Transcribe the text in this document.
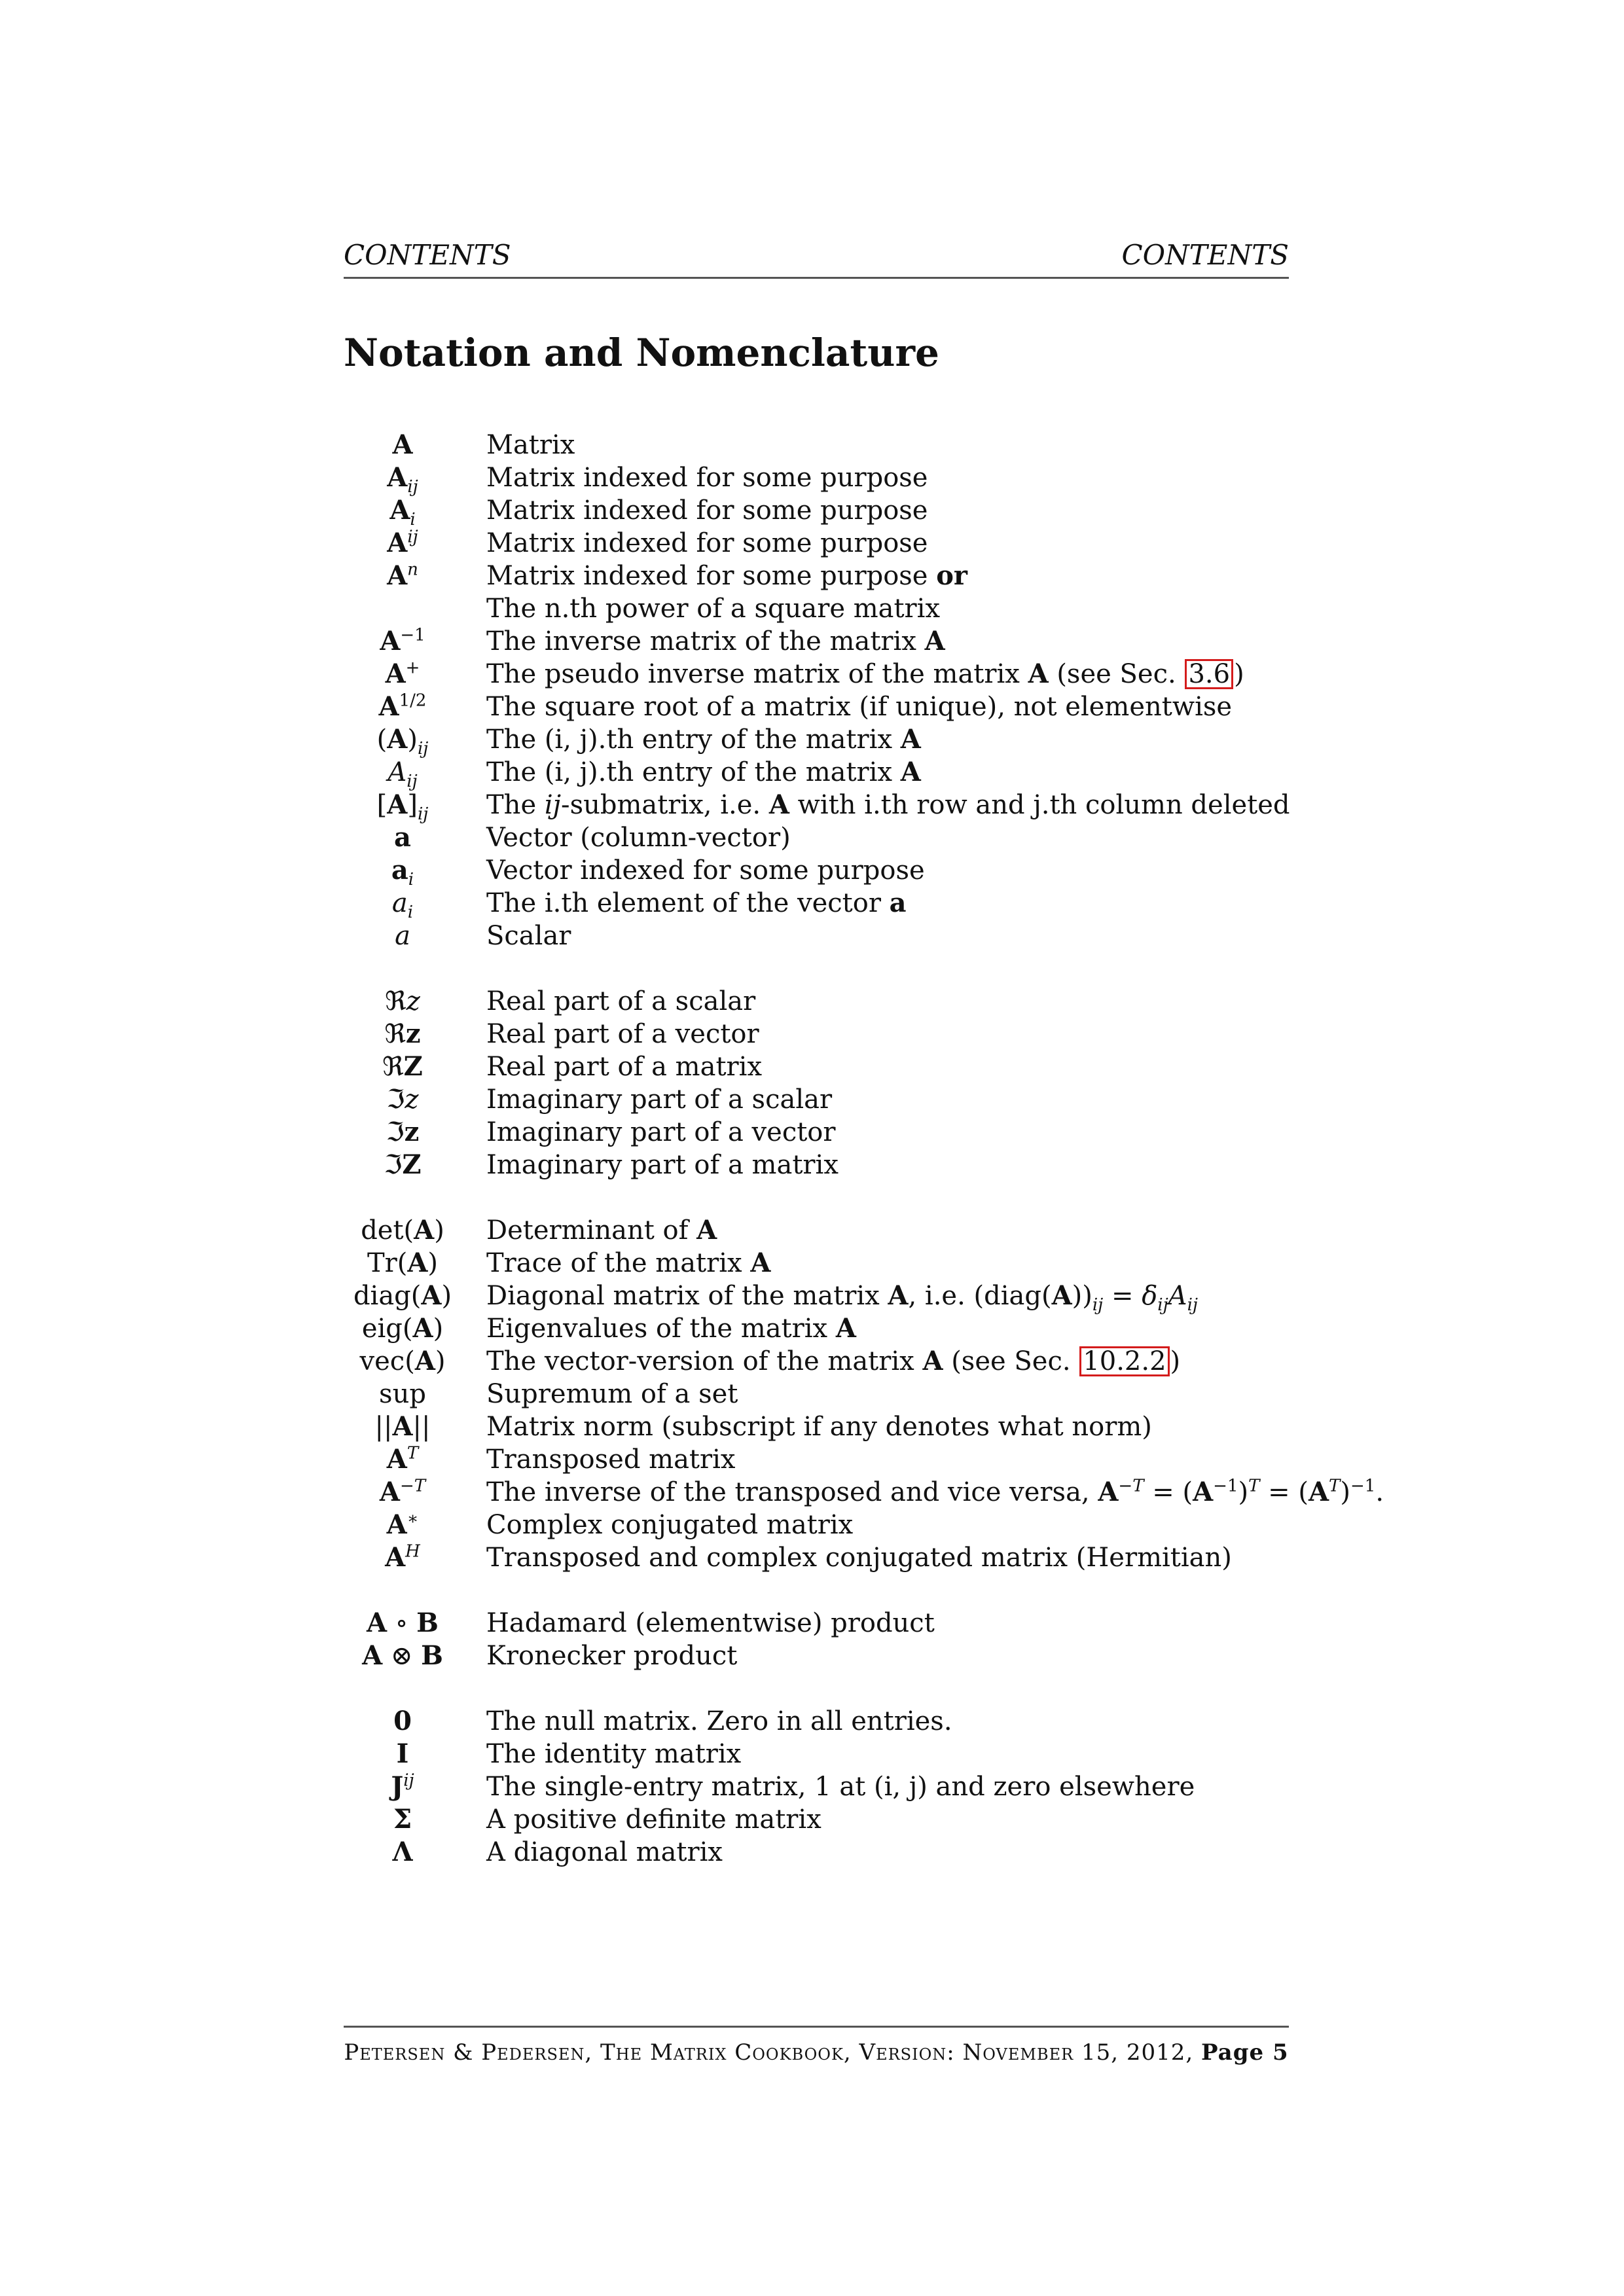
CONTENTS	CONTENTS
Notation and Nomenclature
A	Matrix
$A_{ij}$	Matrix indexed for some purpose
$A_i$	Matrix indexed for some purpose
$A^{ij}$	Matrix indexed for some purpose
$A^n$	Matrix indexed for some purpose or
The n.th power of a square matrix
$A^{-1}$	The inverse matrix of the matrix A
A+	The pseudo inverse matrix of the matrix A (see Sec. 3.6 )
$A^{1/2}$	The square root of a matrix (if unique), not elementwise
$(A)_{ij}$	The (i, j).th entry of the matrix A
$A_{ij}$	The (i, j).th entry of the matrix A
$[A]_{ij}$	The ij-submatrix, i.e. A with i.th row and j.th column deleted
a	Vector (column-vector)
$a_i$	Vector indexed for some purpose
$a_i$	The i.th element of the vector a
a	Scalar
ℜz	Real part of a scalar
ℜz	Real part of a vector
ℜZ	Real part of a matrix
ℑz	Imaginary part of a scalar
ℑz	Imaginary part of a vector
ℑZ	Imaginary part of a matrix
det(A)	Determinant of A
Tr(A)	Trace of the matrix A
diag(A)	Diagonal matrix of the matrix A, i.e. $(diag(A))_{ij} = \delta_{ij}A_{ij}$
eig(A)	Eigenvalues of the matrix A
vec(A)	The vector-version of the matrix A (see Sec. 10.2.2 )
sup	Supremum of a set
||A||	Matrix norm (subscript if any denotes what norm)
$A^T$	Transposed matrix
$A^{-T}$	The inverse of the transposed and vice versa, $A^{-T} = (A^{-1})^T = (A^T)^{-1}$.
A∗	Complex conjugated matrix
$A^H$	Transposed and complex conjugated matrix (Hermitian)
A ∘ B	Hadamard (elementwise) product
A ⊗ B	Kronecker product
0	The null matrix. Zero in all entries.
I	The identity matrix
$J^{ij}$	The single-entry matrix, 1 at (i, j) and zero elsewhere
Σ	A positive definite matrix
Λ	A diagonal matrix
Petersen & Pedersen, The Matrix Cookbook, Version: November 15, 2012, Page 5
